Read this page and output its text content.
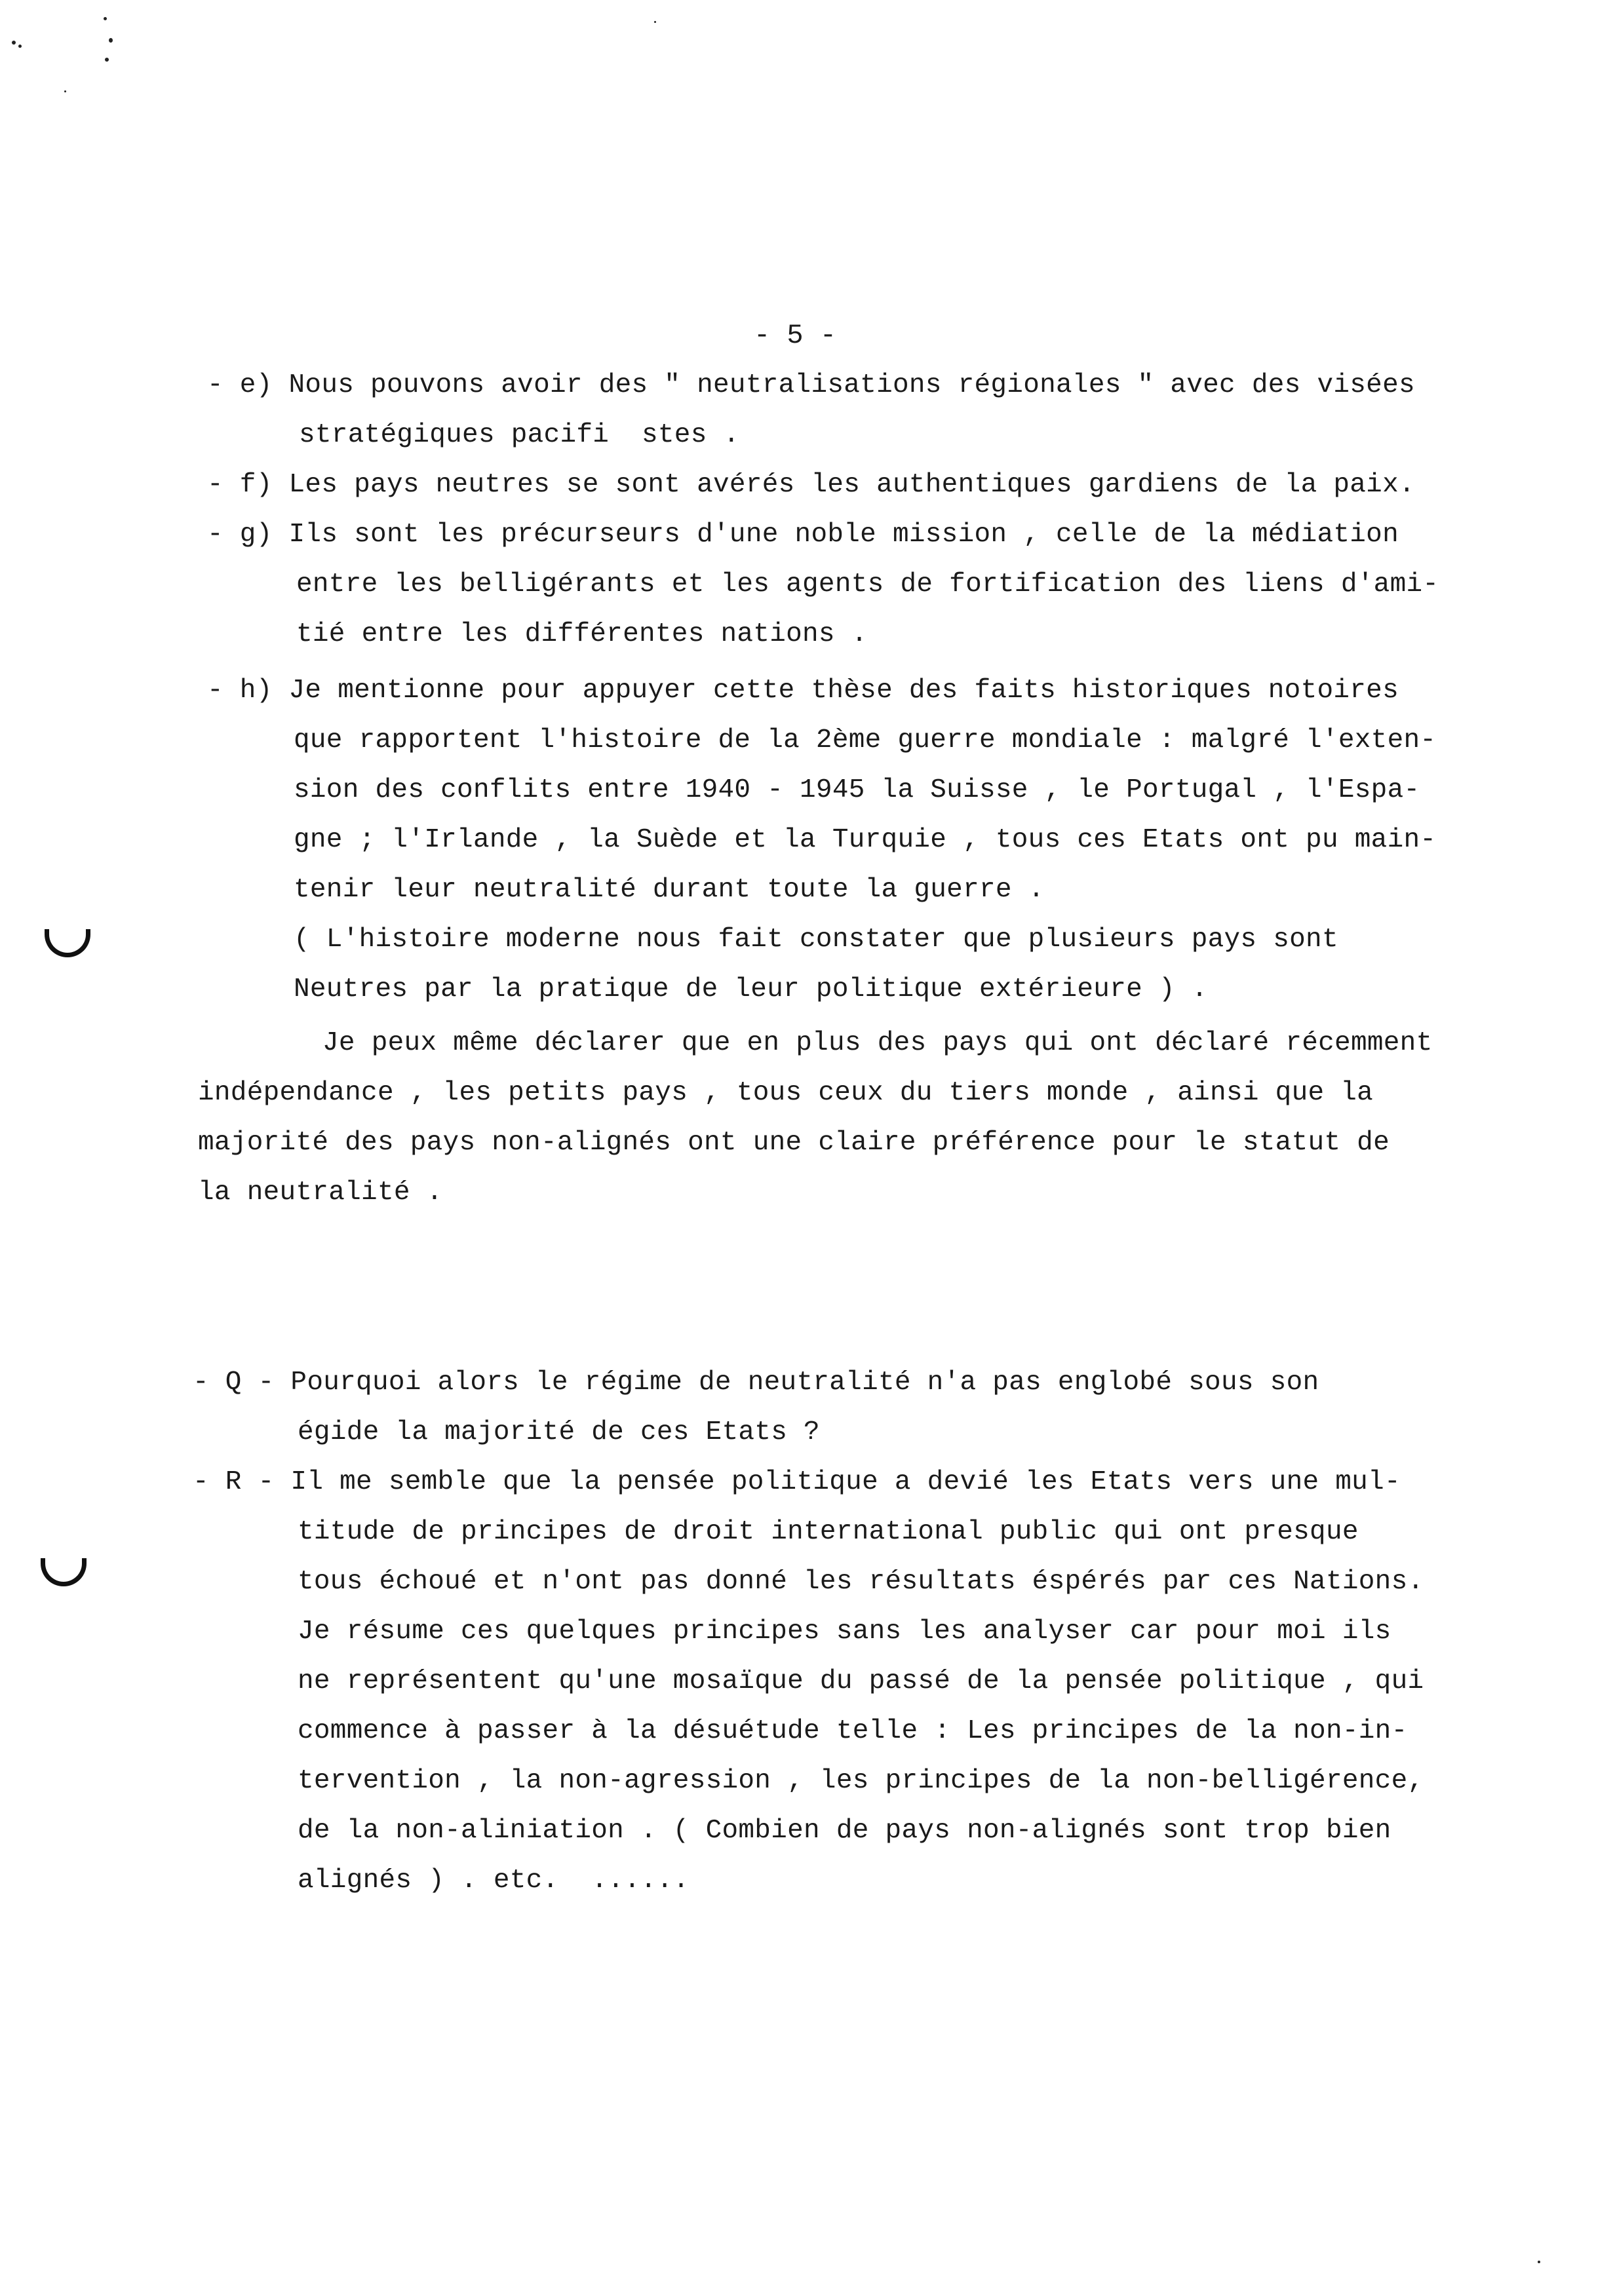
- 5 -
- e) Nous pouvons avoir des " neutralisations régionales " avec des visées
stratégiques pacifi  stes .
- f) Les pays neutres se sont avérés les authentiques gardiens de la paix.
- g) Ils sont les précurseurs d'une noble mission , celle de la médiation
entre les belligérants et les agents de fortification des liens d'ami-
tié entre les différentes nations .
- h) Je mentionne pour appuyer cette thèse des faits historiques notoires
que rapportent l'histoire de la 2ème guerre mondiale : malgré l'exten-
sion des conflits entre 1940 - 1945 la Suisse , le Portugal , l'Espa-
gne ; l'Irlande , la Suède et la Turquie , tous ces Etats ont pu main-
tenir leur neutralité durant toute la guerre .
( L'histoire moderne nous fait constater que plusieurs pays sont
Neutres par la pratique de leur politique extérieure ) .
Je peux même déclarer que en plus des pays qui ont déclaré récemment
indépendance , les petits pays , tous ceux du tiers monde , ainsi que la
majorité des pays non-alignés ont une claire préférence pour le statut de
la neutralité .
- Q - Pourquoi alors le régime de neutralité n'a pas englobé sous son
égide la majorité de ces Etats ?
- R - Il me semble que la pensée politique a devié les Etats vers une mul-
titude de principes de droit international public qui ont presque
tous échoué et n'ont pas donné les résultats éspérés par ces Nations.
Je résume ces quelques principes sans les analyser car pour moi ils
ne représentent qu'une mosaïque du passé de la pensée politique , qui
commence à passer à la désuétude telle : Les principes de la non-in-
tervention , la non-agression , les principes de la non-belligérence,
de la non-aliniation . ( Combien de pays non-alignés sont trop bien
alignés ) . etc.  ......
